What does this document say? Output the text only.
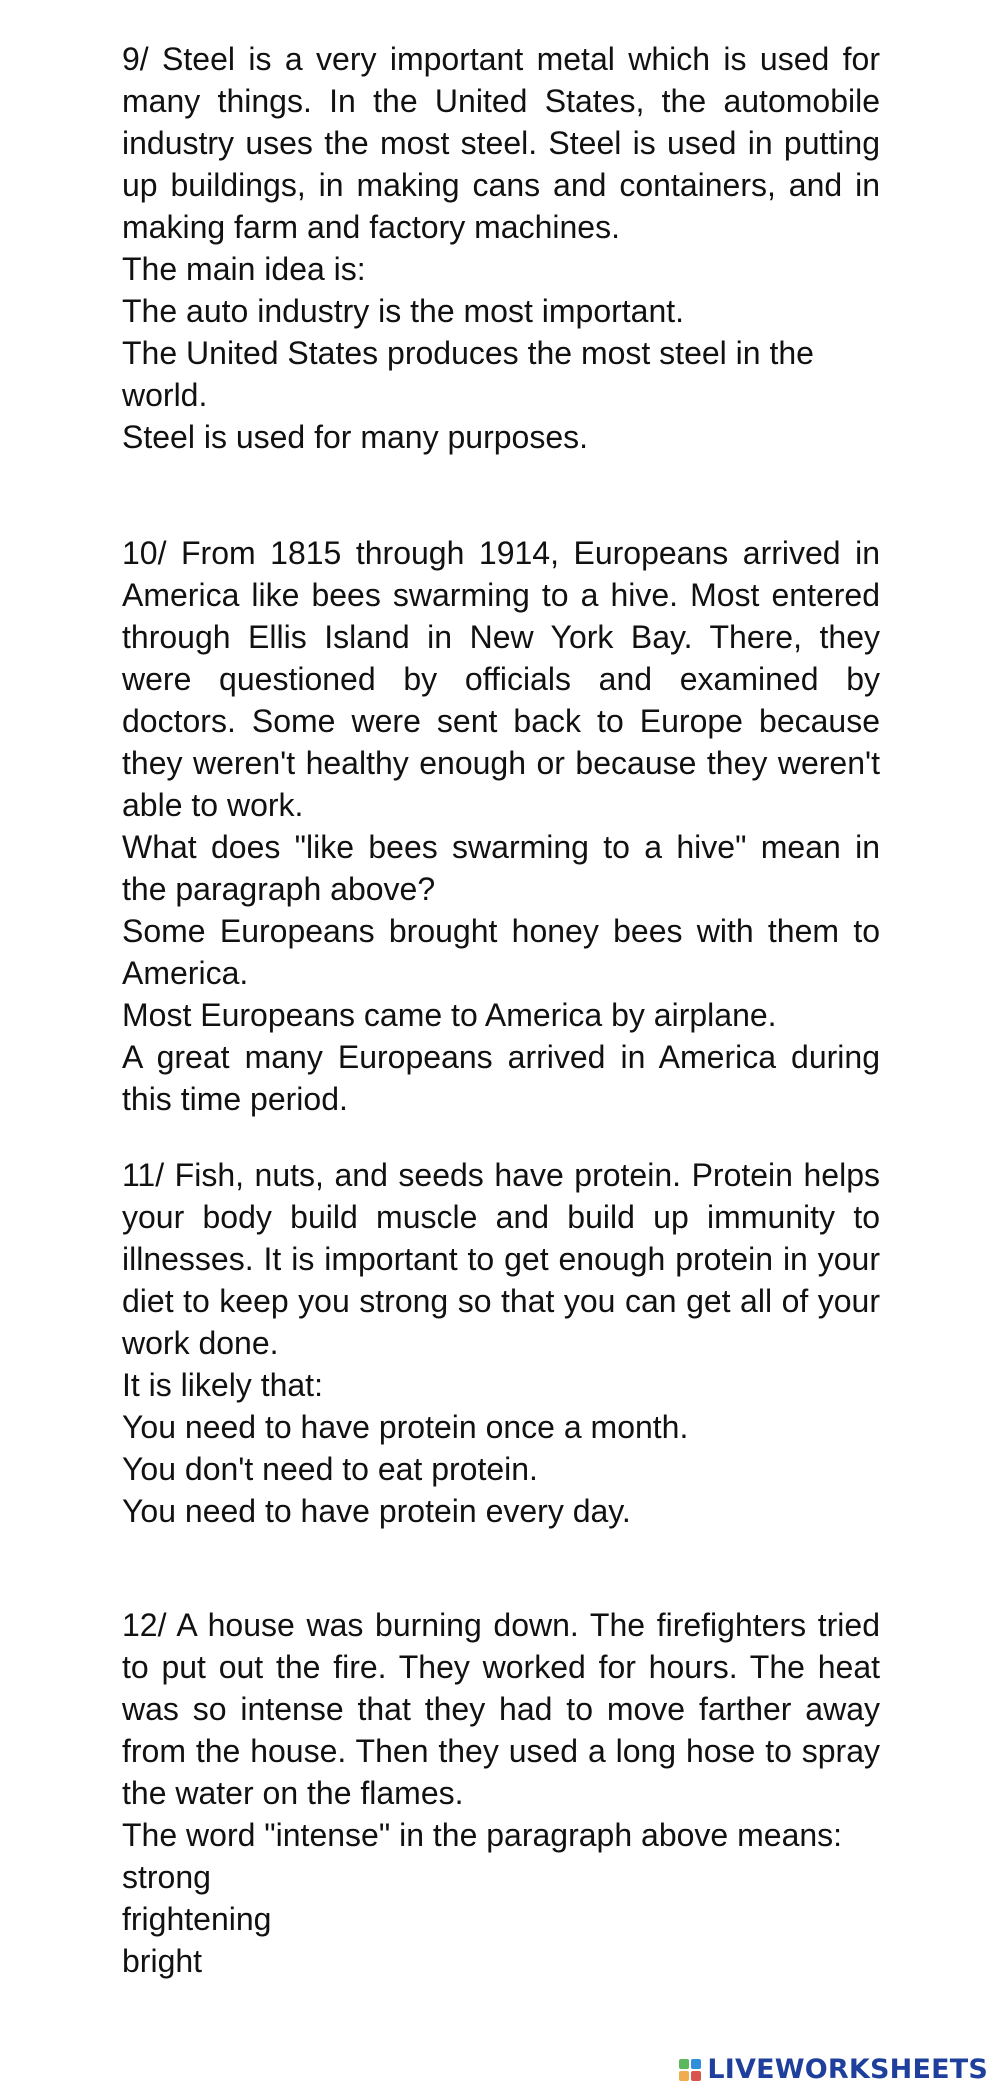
9/ Steel is a very important metal which is used for many things. In the United States, the automobile industry uses the most steel. Steel is used in putting up buildings, in making cans and containers, and in making farm and factory machines.

The main idea is:

The auto industry is the most important.

The United States produces the most steel in the world.

Steel is used for many purposes.

10/ From 1815 through 1914, Europeans arrived in America like bees swarming to a hive. Most entered through Ellis Island in New York Bay. There, they were questioned by officials and examined by doctors. Some were sent back to Europe because they weren't healthy enough or because they weren't able to work.

What does "like bees swarming to a hive" mean in the paragraph above?

Some Europeans brought honey bees with them to America.

Most Europeans came to America by airplane.

A great many Europeans arrived in America during this time period.

11/ Fish, nuts, and seeds have protein. Protein helps your body build muscle and build up immunity to illnesses. It is important to get enough protein in your diet to keep you strong so that you can get all of your work done.

It is likely that:

You need to have protein once a month.

You don't need to eat protein.

You need to have protein every day.

12/ A house was burning down. The firefighters tried to put out the fire. They worked for hours. The heat was so intense that they had to move farther away from the house. Then they used a long hose to spray the water on the flames.

The word "intense" in the paragraph above means:

strong

frightening

bright

LIVEWORKSHEETS
